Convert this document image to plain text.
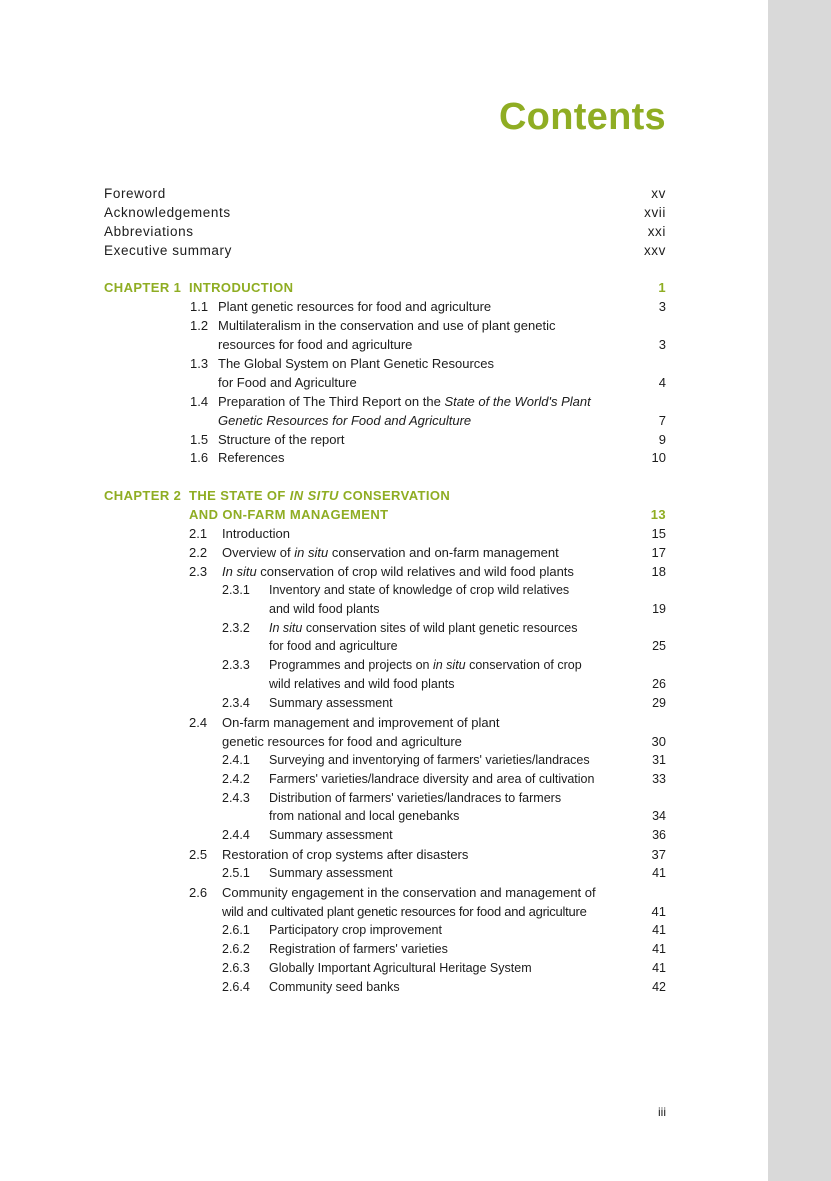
Contents
Foreword	xv
Acknowledgements	xvii
Abbreviations	xxi
Executive summary	xxv
CHAPTER 1 INTRODUCTION	1
1.1 Plant genetic resources for food and agriculture	3
1.2 Multilateralism in the conservation and use of plant genetic
resources for food and agriculture	3
1.3 The Global System on Plant Genetic Resources
for Food and Agriculture	4
1.4 Preparation of The Third Report on the State of the World's Plant
Genetic Resources for Food and Agriculture	7
1.5 Structure of the report	9
1.6 References	10
CHAPTER 2 THE STATE OF IN SITU CONSERVATION
AND ON-FARM MANAGEMENT	13
2.1 Introduction	15
2.2 Overview of in situ conservation and on-farm management	17
2.3 In situ conservation of crop wild relatives and wild food plants	18
2.3.1 Inventory and state of knowledge of crop wild relatives
and wild food plants	19
2.3.2 In situ conservation sites of wild plant genetic resources
for food and agriculture	25
2.3.3 Programmes and projects on in situ conservation of crop
wild relatives and wild food plants	26
2.3.4 Summary assessment	29
2.4 On-farm management and improvement of plant
genetic resources for food and agriculture	30
2.4.1 Surveying and inventorying of farmers' varieties/landraces	31
2.4.2 Farmers' varieties/landrace diversity and area of cultivation	33
2.4.3 Distribution of farmers' varieties/landraces to farmers
from national and local genebanks	34
2.4.4 Summary assessment	36
2.5 Restoration of crop systems after disasters	37
2.5.1 Summary assessment	41
2.6 Community engagement in the conservation and management of
wild and cultivated plant genetic resources for food and agriculture	41
2.6.1 Participatory crop improvement	41
2.6.2 Registration of farmers' varieties	41
2.6.3 Globally Important Agricultural Heritage System	41
2.6.4 Community seed banks	42
iii
